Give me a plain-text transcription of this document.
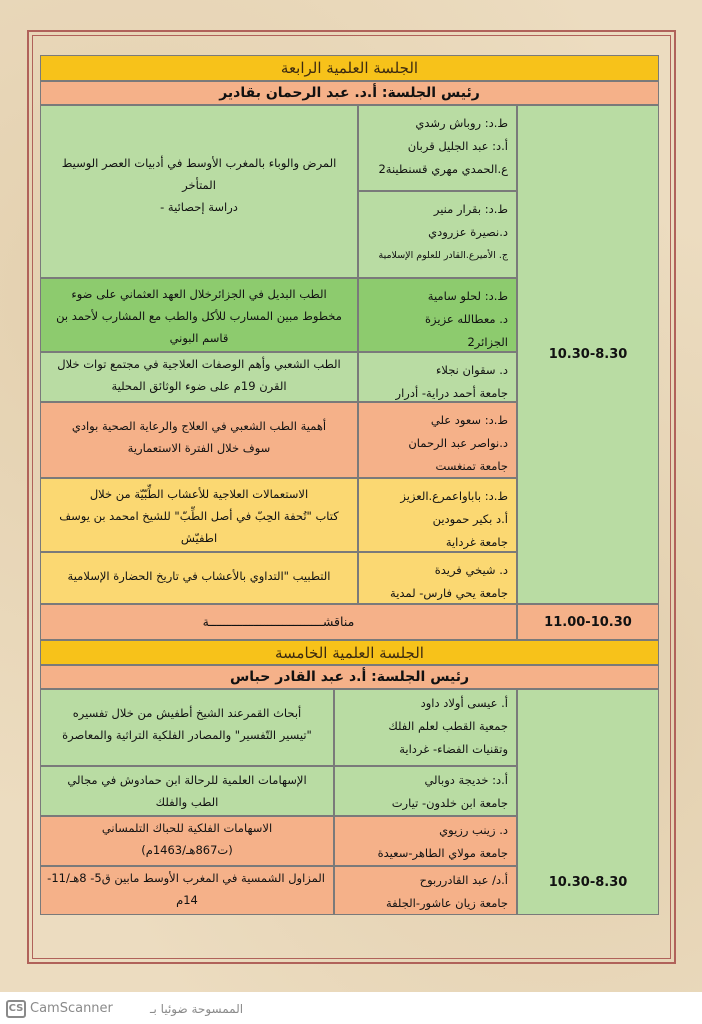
الجلسة العلمية الرابعة
رئيس الجلسة: أ.د. عبد الرحمان بقادير
10.30-8.30
ط.د: روباش رشدي
أ.د: عبد الجليل قربان
ع.الحمدي مهري قسنطينة2
ط.د: بقرار منير
د.نصيرة عزرودي
ج. الأميرع.القادر للعلوم الإسلامية
المرض والوباء بالمغرب الأوسط في أدبيات العصر الوسيط
المتأخر
دراسة إحصائية -
ط.د: لحلو سامية
د. معطالله عزيزة
الجزائر2
الطب البديل في الجزائرخلال العهد العثماني على ضوء
مخطوط مبين المسارب للأكل والطب مع المشارب لأحمد بن
قاسم البوني
د. سقوان نجلاء
جامعة أحمد دراية- أدرار
الطب الشعبي وأهم الوصفات العلاجية في مجتمع توات خلال
القرن 19م على ضوء الوثائق المحلية
ط.د: سعود علي
د.نواصر عبد الرحمان
جامعة تمنغست
أهمية الطب الشعبي في العلاج والرعاية الصحية بوادي
سوف خلال الفترة الاستعمارية
ط.د: باباواعمرع.العزيز
أ.د بكير حمودين
جامعة غرداية
الاستعمالات العلاجية للأعشاب الطِّبّيّة من خلال
كتاب "تُحفة الحِبّ في أصل الطِّبّ" للشيخ امحمد بن يوسف
اطفيّش
د. شيخي فريدة
جامعة يحي فارس- لمدية
التطبيب "التداوي بالأعشاب في تاريخ الحضارة الإسلامية
مناقشـــــــــــــــــــــــــــــــة	11.00-10.30
الجلسة العلمية الخامسة
رئيس الجلسة: أ.د عبد القادر حباس
10.30-8.30
أ. عيسى أولاد داود
جمعية القطب لعلم الفلك
وتقنيات الفضاء- غرداية
أبحاث القمرعند الشيخ أطفيش من خلال تفسيره
"تيسير التّفسير" والمصادر الفلكية التراثية والمعاصرة
أ.د: خديجة دوبالي
جامعة ابن خلدون- تيارت
الإسهامات العلمية للرحالة ابن حمادوش في مجالي
الطب والفلك
د. زينب رزيوي
جامعة مولاي الطاهر-سعيدة
الاسهامات الفلكية للحباك التلمساني
(ت867هـ/1463م)
أ.د/ عبد القادرربوح
جامعة زيان عاشور-الجلفة
المزاول الشمسية في المغرب الأوسط مابين ق5- 8هـ/11-
14م
CS CamScanner	الممسوحة ضوئيا بـ
